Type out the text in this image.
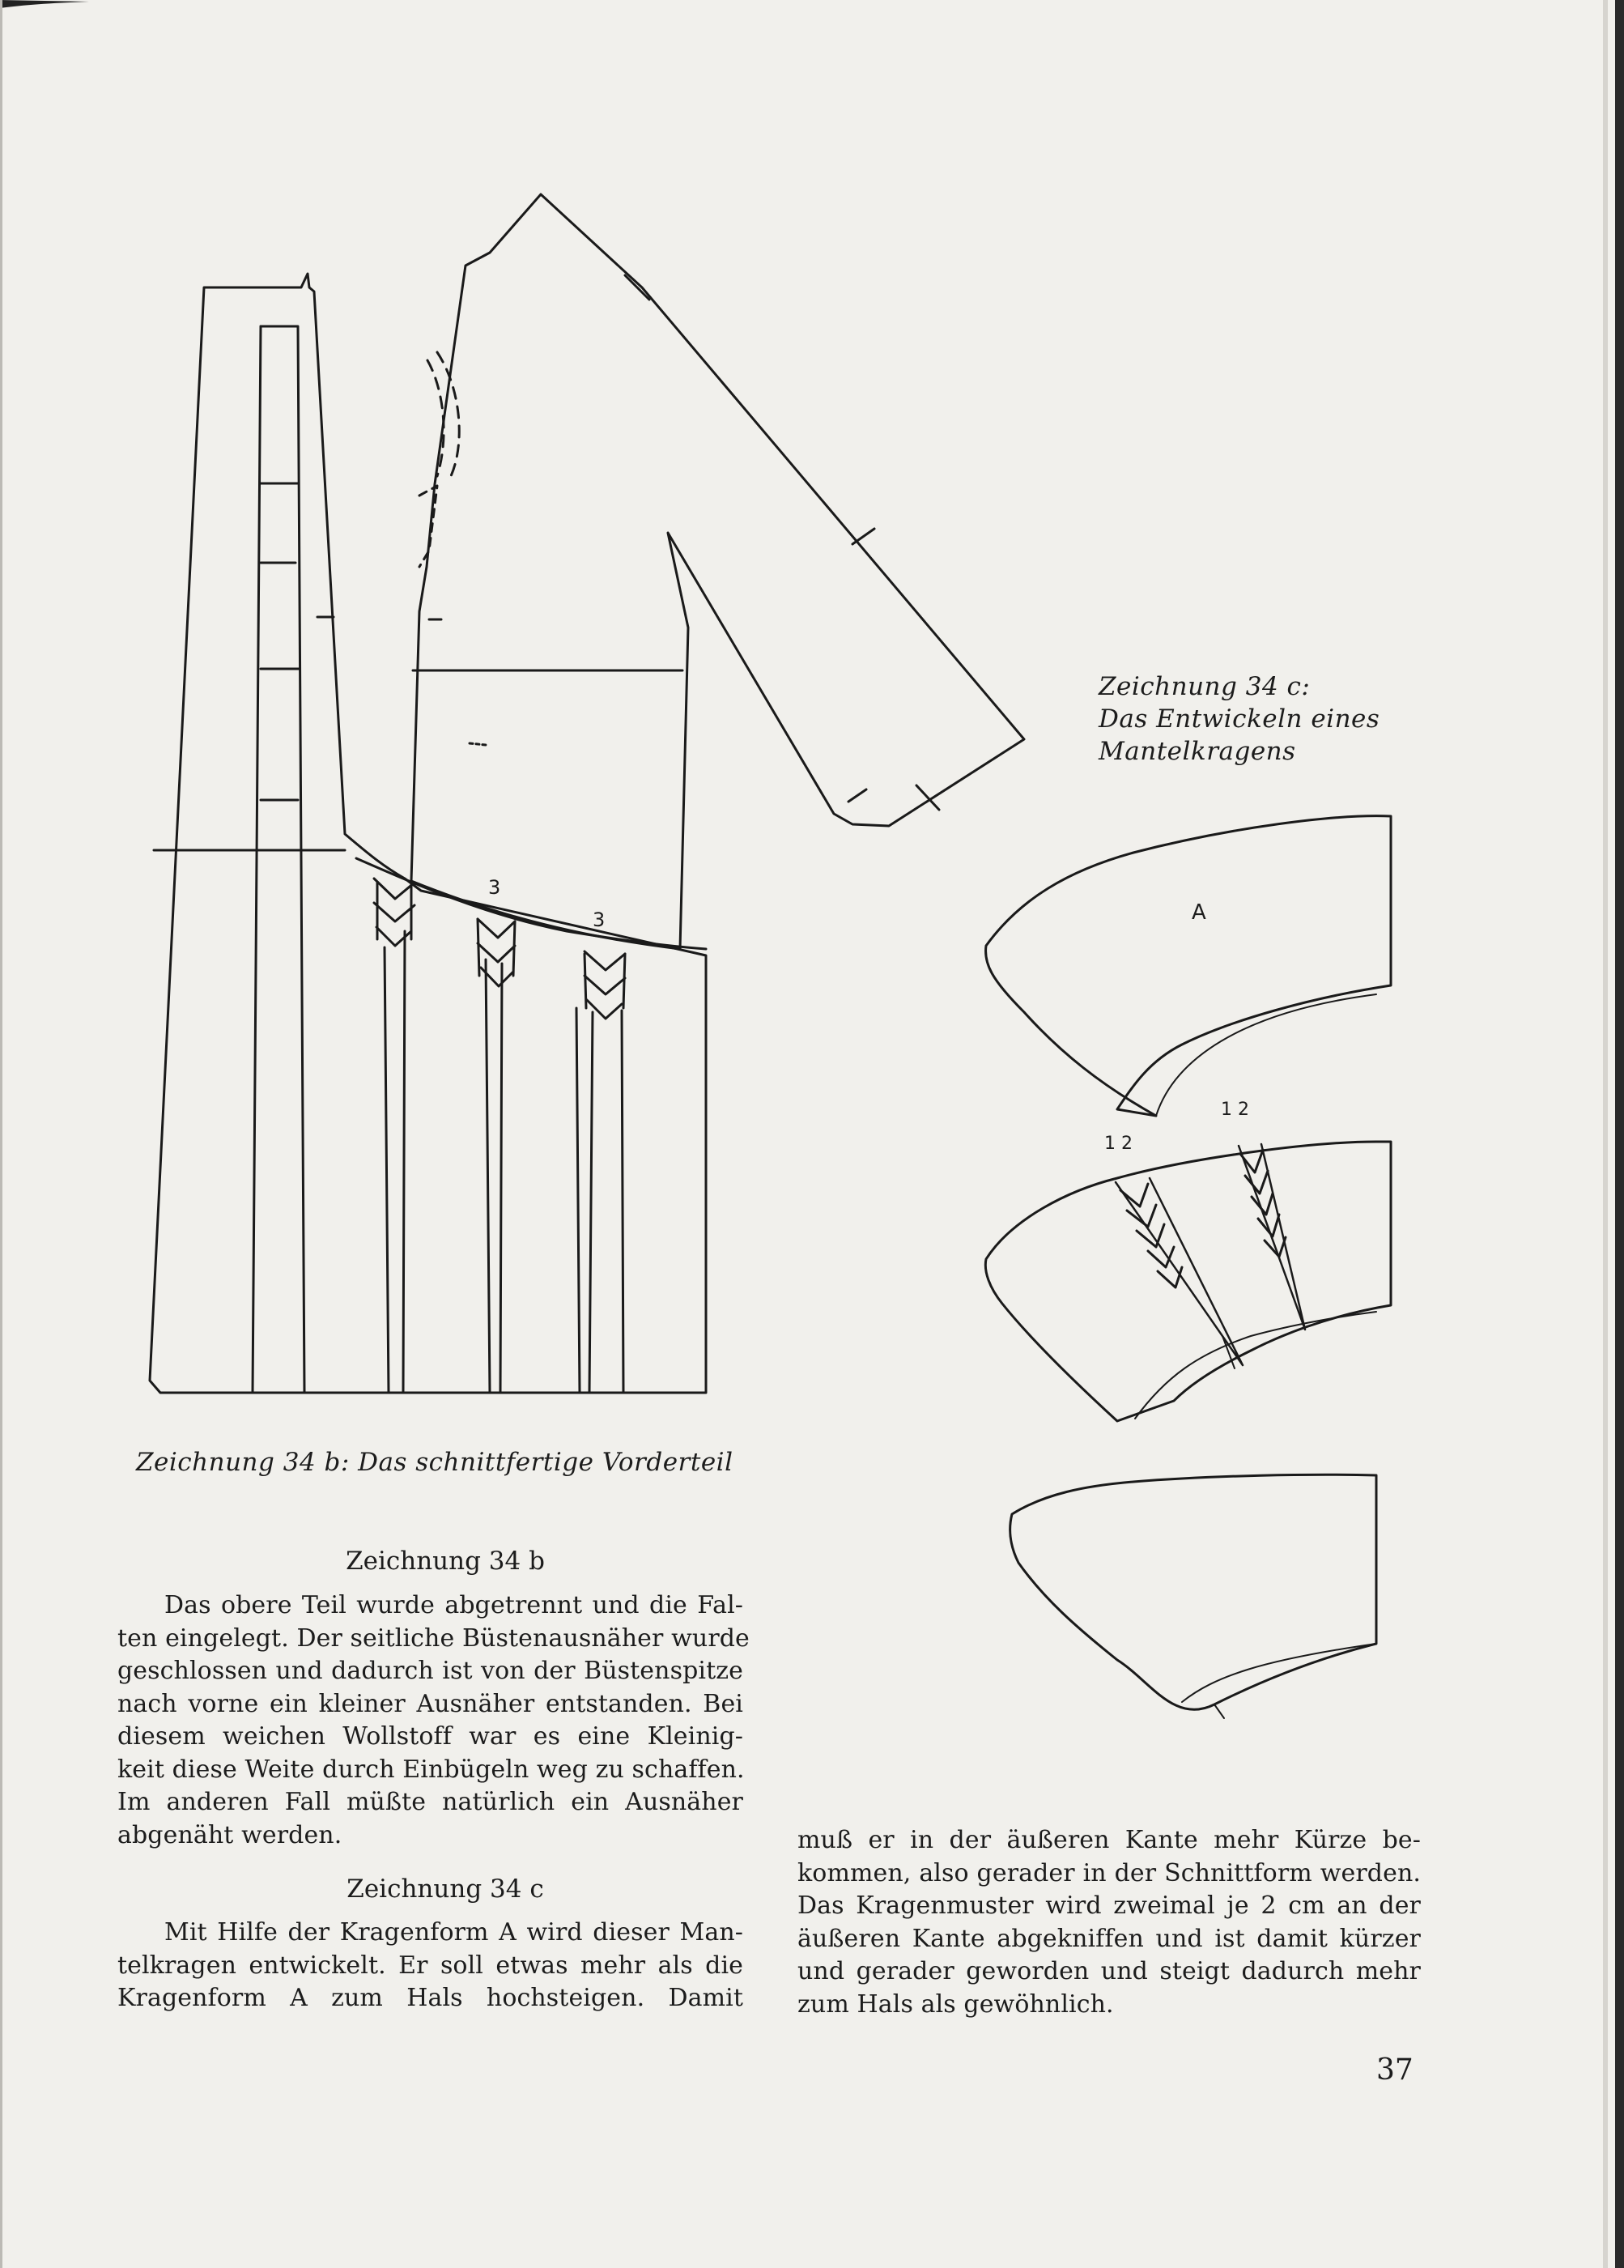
3
3	A
1 2
1 2
Zeichnung 34 b: Das schnittfertige Vorderteil
Zeichnung 34 c:
Das Entwickeln eines
Mantelkragens
Zeichnung 34 b
Das obere Teil wurde abgetrennt und die Fal-
ten eingelegt. Der seitliche Büstenausnäher wurde
geschlossen und dadurch ist von der Büstenspitze
nach vorne ein kleiner Ausnäher entstanden. Bei
diesem weichen Wollstoff war es eine Kleinig-
keit diese Weite durch Einbügeln weg zu schaffen.
Im anderen Fall müßte natürlich ein Ausnäher
abgenäht werden.
Zeichnung 34 c
Mit Hilfe der Kragenform A wird dieser Man-
telkragen entwickelt. Er soll etwas mehr als die
Kragenform A zum Hals hochsteigen. Damit
muß er in der äußeren Kante mehr Kürze be-
kommen, also gerader in der Schnittform werden.
Das Kragenmuster wird zweimal je 2 cm an der
äußeren Kante abgekniffen und ist damit kürzer
und gerader geworden und steigt dadurch mehr
zum Hals als gewöhnlich.
37
